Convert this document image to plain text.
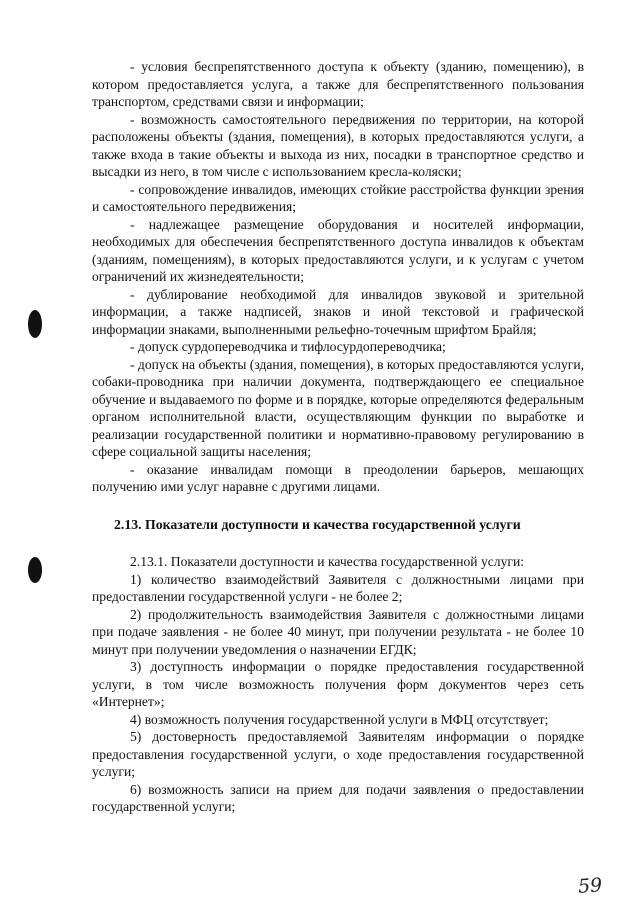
- условия беспрепятственного доступа к объекту (зданию, помещению), в котором предоставляется услуга, а также для беспрепятственного пользования транспортом, средствами связи и информации;

- возможность самостоятельного передвижения по территории, на которой расположены объекты (здания, помещения), в которых предоставляются услуги, а также входа в такие объекты и выхода из них, посадки в транспортное средство и высадки из него, в том числе с использованием кресла-коляски;

- сопровождение инвалидов, имеющих стойкие расстройства функции зрения и самостоятельного передвижения;

- надлежащее размещение оборудования и носителей информации, необходимых для обеспечения беспрепятственного доступа инвалидов к объектам (зданиям, помещениям), в которых предоставляются услуги, и к услугам с учетом ограничений их жизнедеятельности;

- дублирование необходимой для инвалидов звуковой и зрительной информации, а также надписей, знаков и иной текстовой и графической информации знаками, выполненными рельефно-точечным шрифтом Брайля;

- допуск сурдопереводчика и тифлосурдопереводчика;

- допуск на объекты (здания, помещения), в которых предоставляются услуги, собаки-проводника при наличии документа, подтверждающего ее специальное обучение и выдаваемого по форме и в порядке, которые определяются федеральным органом исполнительной власти, осуществляющим функции по выработке и реализации государственной политики и нормативно-правовому регулированию в сфере социальной защиты населения;

- оказание инвалидам помощи в преодолении барьеров, мешающих получению ими услуг наравне с другими лицами.

2.13. Показатели доступности и качества государственной услуги

2.13.1. Показатели доступности и качества государственной услуги:

1) количество взаимодействий Заявителя с должностными лицами при предоставлении государственной услуги - не более 2;

2) продолжительность взаимодействия Заявителя с должностными лицами при подаче заявления - не более 40 минут, при получении результата - не более 10 минут при получении уведомления о назначении ЕГДК;

3) доступность информации о порядке предоставления государственной услуги, в том числе возможность получения форм документов через сеть «Интернет»;

4) возможность получения государственной услуги в МФЦ отсутствует;

5) достоверность предоставляемой Заявителям информации о порядке предоставления государственной услуги, о ходе предоставления государственной услуги;

6) возможность записи на прием для подачи заявления о предоставлении государственной услуги;

59
